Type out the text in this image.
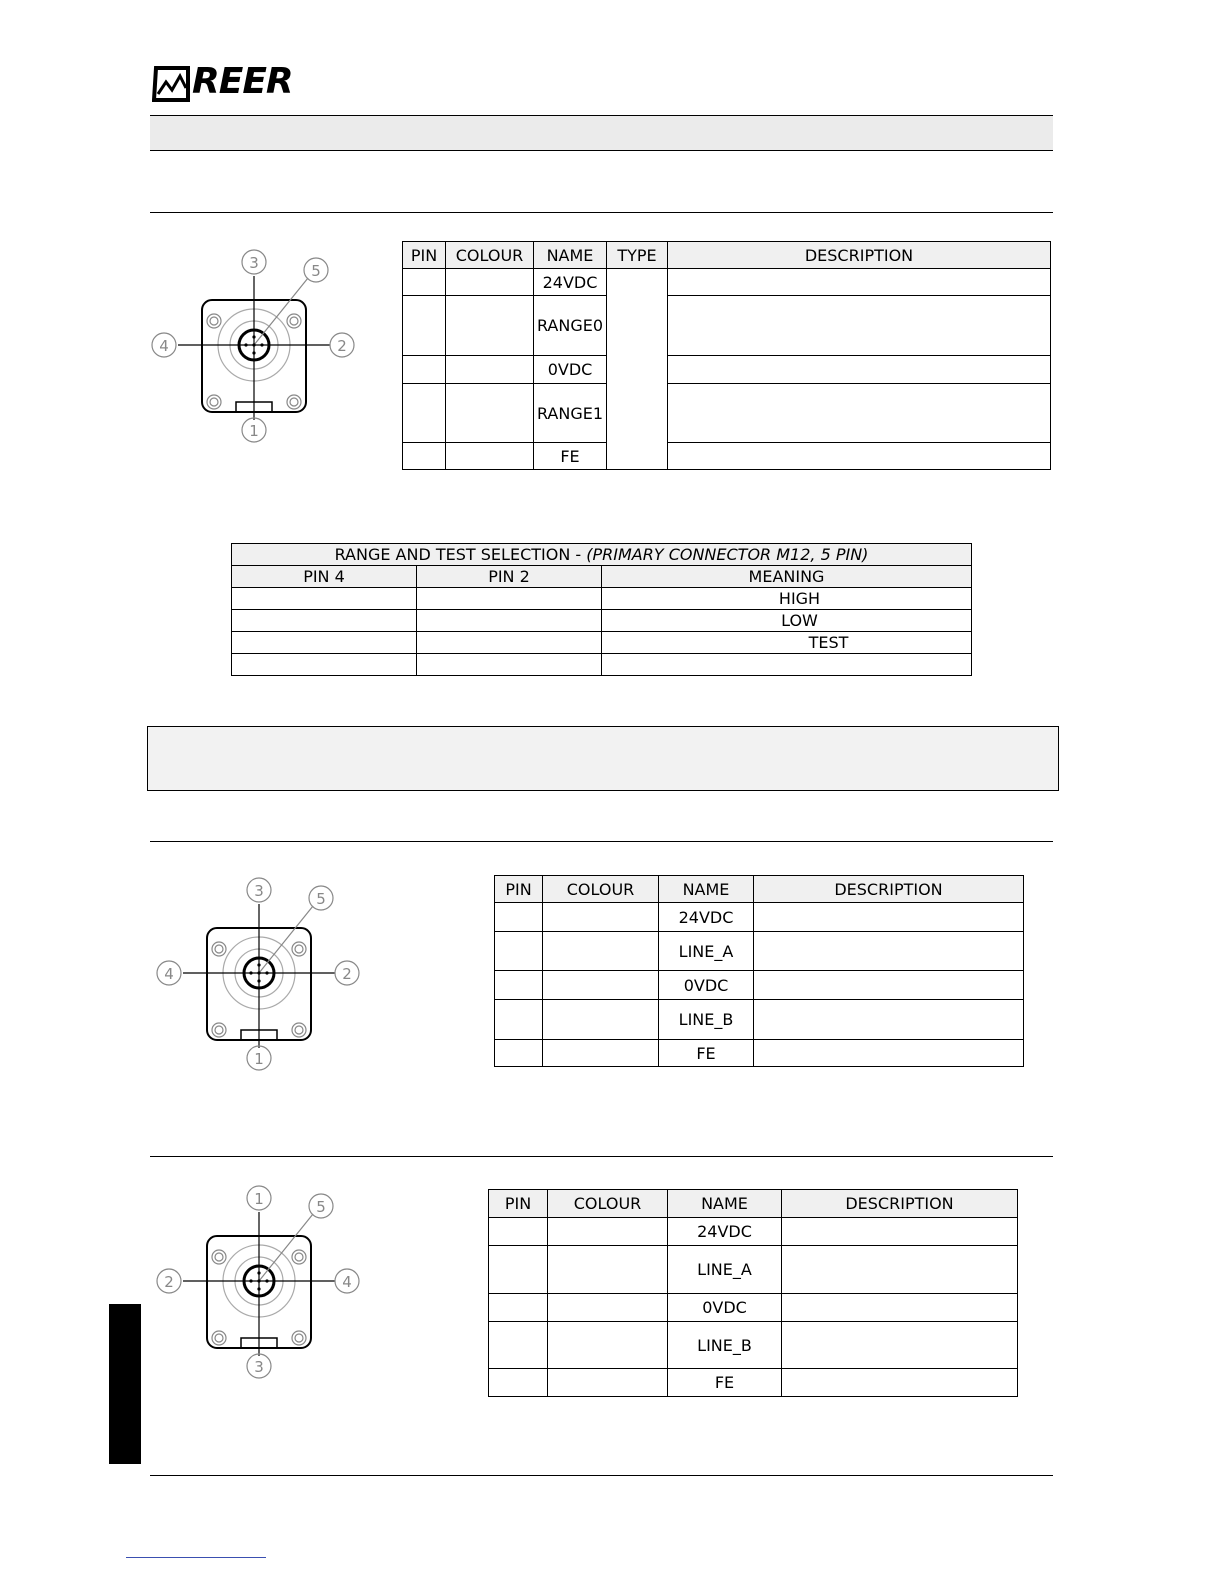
REER
3	5
4	2
1
PIN	COLOUR	NAME	TYPE	DESCRIPTION
		24VDC		
		RANGE0		
		0VDC		
		RANGE1		
		FE		
RANGE AND TEST SELECTION - (PRIMARY CONNECTOR M12, 5 PIN)		
PIN 4	PIN 2	MEANING
		HIGH
		LOW
		TEST

3	5
4	2
1
PIN	COLOUR	NAME	DESCRIPTION
		24VDC	
		LINE_A	
		0VDC	
		LINE_B	
		FE	
1	5
2	4
3
PIN	COLOUR	NAME	DESCRIPTION
		24VDC	
		LINE_A	
		0VDC	
		LINE_B	
		FE	
